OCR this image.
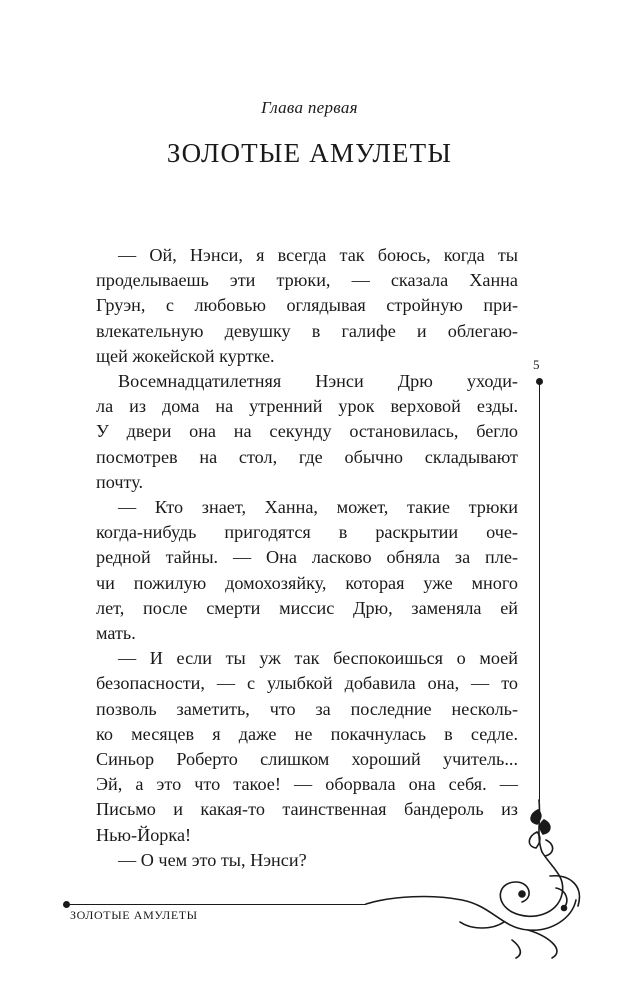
Глава первая
ЗОЛОТЫЕ АМУЛЕТЫ
— Ой, Нэнси, я всегда так боюсь, когда ты
проделываешь эти трюки, — сказала Ханна
Груэн, с любовью оглядывая стройную при-
влекательную девушку в галифе и облегаю-
щей жокейской куртке.
Восемнадцатилетняя Нэнси Дрю уходи-
ла из дома на утренний урок верховой езды.
У двери она на секунду остановилась, бегло
посмотрев на стол, где обычно складывают
почту.
— Кто знает, Ханна, может, такие трюки
когда-нибудь пригодятся в раскрытии оче-
редной тайны. — Она ласково обняла за пле-
чи пожилую домохозяйку, которая уже много
лет, после смерти миссис Дрю, заменяла ей
мать.
— И если ты уж так беспокоишься о моей
безопасности, — с улыбкой добавила она, — то
позволь заметить, что за последние несколь-
ко месяцев я даже не покачнулась в седле.
Синьор Роберто слишком хороший учитель...
Эй, а это что такое! — оборвала она себя. —
Письмо и какая-то таинственная бандероль из
Нью-Йорка!
— О чем это ты, Нэнси?
5
ЗОЛОТЫЕ АМУЛЕТЫ
